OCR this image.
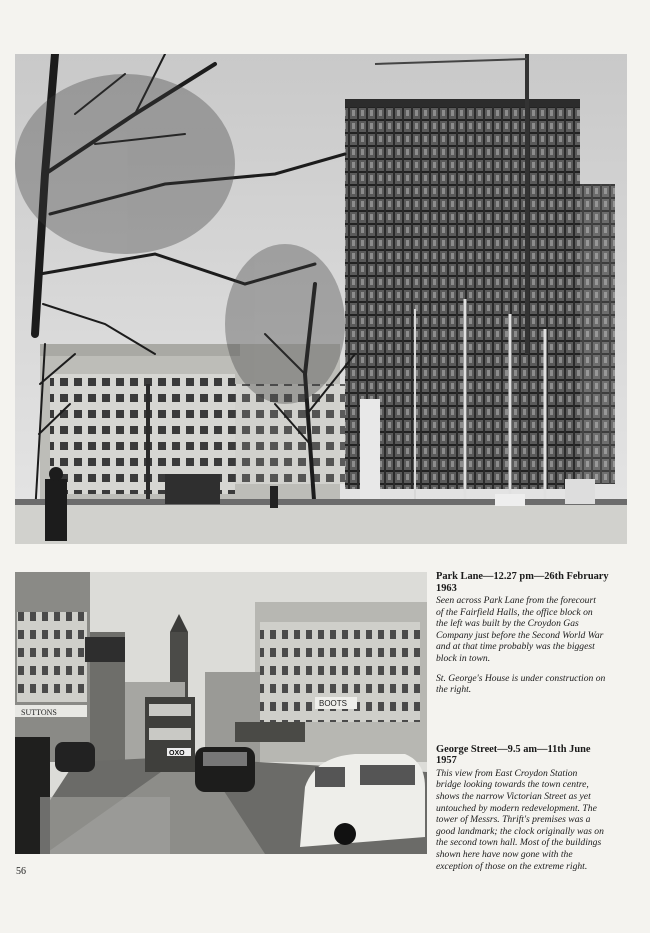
SUTTONS
BOOTS
OXO
Park Lane—12.27 pm—26th February
1963

Seen across Park Lane from the forecourt
of the Fairfield Halls, the office block on
the left was built by the Croydon Gas
Company just before the Second World War
and at that time probably was the biggest
block in town.

St. George's House is under construction on
the right.

George Street—9.5 am—11th June
1957

This view from East Croydon Station
bridge looking towards the town centre,
shows the narrow Victorian Street as yet
untouched by modern redevelopment. The
tower of Messrs. Thrift's premises was a
good landmark; the clock originally was on
the second town hall. Most of the buildings
shown here have now gone with the
exception of those on the extreme right.

56
